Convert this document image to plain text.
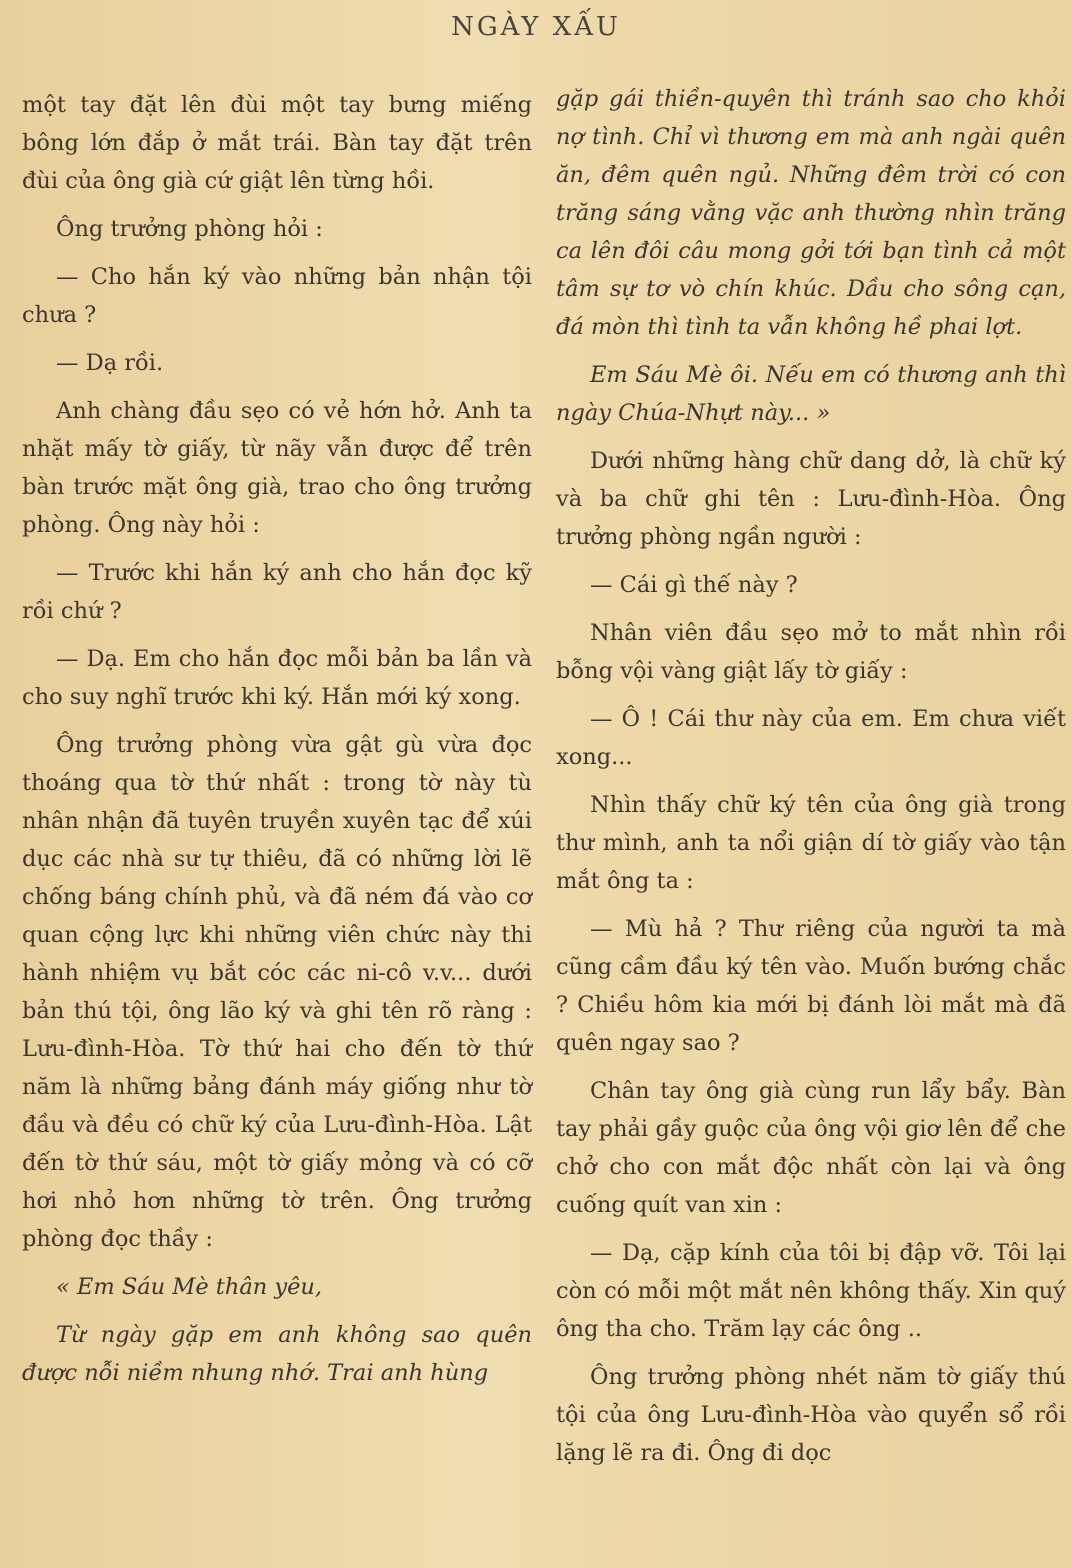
NGÀY XẤU

một tay đặt lên đùi một tay bưng miếng bông lớn đắp ở mắt trái. Bàn tay đặt trên đùi của ông già cứ giật lên từng hồi.

Ông trưởng phòng hỏi :

— Cho hắn ký vào những bản nhận tội chưa ?

— Dạ rồi.

Anh chàng đầu sẹo có vẻ hớn hở. Anh ta nhặt mấy tờ giấy, từ nãy vẫn được để trên bàn trước mặt ông già, trao cho ông trưởng phòng. Ông này hỏi :

— Trước khi hắn ký anh cho hắn đọc kỹ rồi chứ ?

— Dạ. Em cho hắn đọc mỗi bản ba lần và cho suy nghĩ trước khi ký. Hắn mới ký xong.

Ông trưởng phòng vừa gật gù vừa đọc thoáng qua tờ thứ nhất : trong tờ này tù nhân nhận đã tuyên truyền xuyên tạc để xúi dục các nhà sư tự thiêu, đã có những lời lẽ chống báng chính phủ, và đã ném đá vào cơ quan cộng lực khi những viên chức này thi hành nhiệm vụ bắt cóc các ni-cô v.v... dưới bản thú tội, ông lão ký và ghi tên rõ ràng : Lưu-đình-Hòa. Tờ thứ hai cho đến tờ thứ năm là những bảng đánh máy giống như tờ đầu và đều có chữ ký của Lưu-đình-Hòa. Lật đến tờ thứ sáu, một tờ giấy mỏng và có cỡ hơi nhỏ hơn những tờ trên. Ông trưởng phòng đọc thầy :

« Em Sáu Mè thân yêu,

Từ ngày gặp em anh không sao quên được nỗi niềm nhung nhớ. Trai anh hùng

gặp gái thiền-quyên thì tránh sao cho khỏi nợ tình. Chỉ vì thương em mà anh ngài quên ăn, đêm quên ngủ. Những đêm trời có con trăng sáng vằng vặc anh thường nhìn trăng ca lên đôi câu mong gởi tới bạn tình cả một tâm sự tơ vò chín khúc. Dầu cho sông cạn, đá mòn thì tình ta vẫn không hề phai lợt.

Em Sáu Mè ôi. Nếu em có thương anh thì ngày Chúa-Nhựt này... »

Dưới những hàng chữ dang dở, là chữ ký và ba chữ ghi tên : Lưu-đình-Hòa. Ông trưởng phòng ngần người :

— Cái gì thế này ?

Nhân viên đầu sẹo mở to mắt nhìn rồi bỗng vội vàng giật lấy tờ giấy :

— Ô ! Cái thư này của em. Em chưa viết xong...

Nhìn thấy chữ ký tên của ông già trong thư mình, anh ta nổi giận dí tờ giấy vào tận mắt ông ta :

— Mù hả ? Thư riêng của người ta mà cũng cầm đầu ký tên vào. Muốn bướng chắc ? Chiều hôm kia mới bị đánh lòi mắt mà đã quên ngay sao ?

Chân tay ông già cùng run lẩy bẩy. Bàn tay phải gầy guộc của ông vội giơ lên để che chở cho con mắt độc nhất còn lại và ông cuống quít van xin :

— Dạ, cặp kính của tôi bị đập vỡ. Tôi lại còn có mỗi một mắt nên không thấy. Xin quý ông tha cho. Trăm lạy các ông ..

Ông trưởng phòng nhét năm tờ giấy thú tội của ông Lưu-đình-Hòa vào quyển sổ rồi lặng lẽ ra đi. Ông đi dọc
